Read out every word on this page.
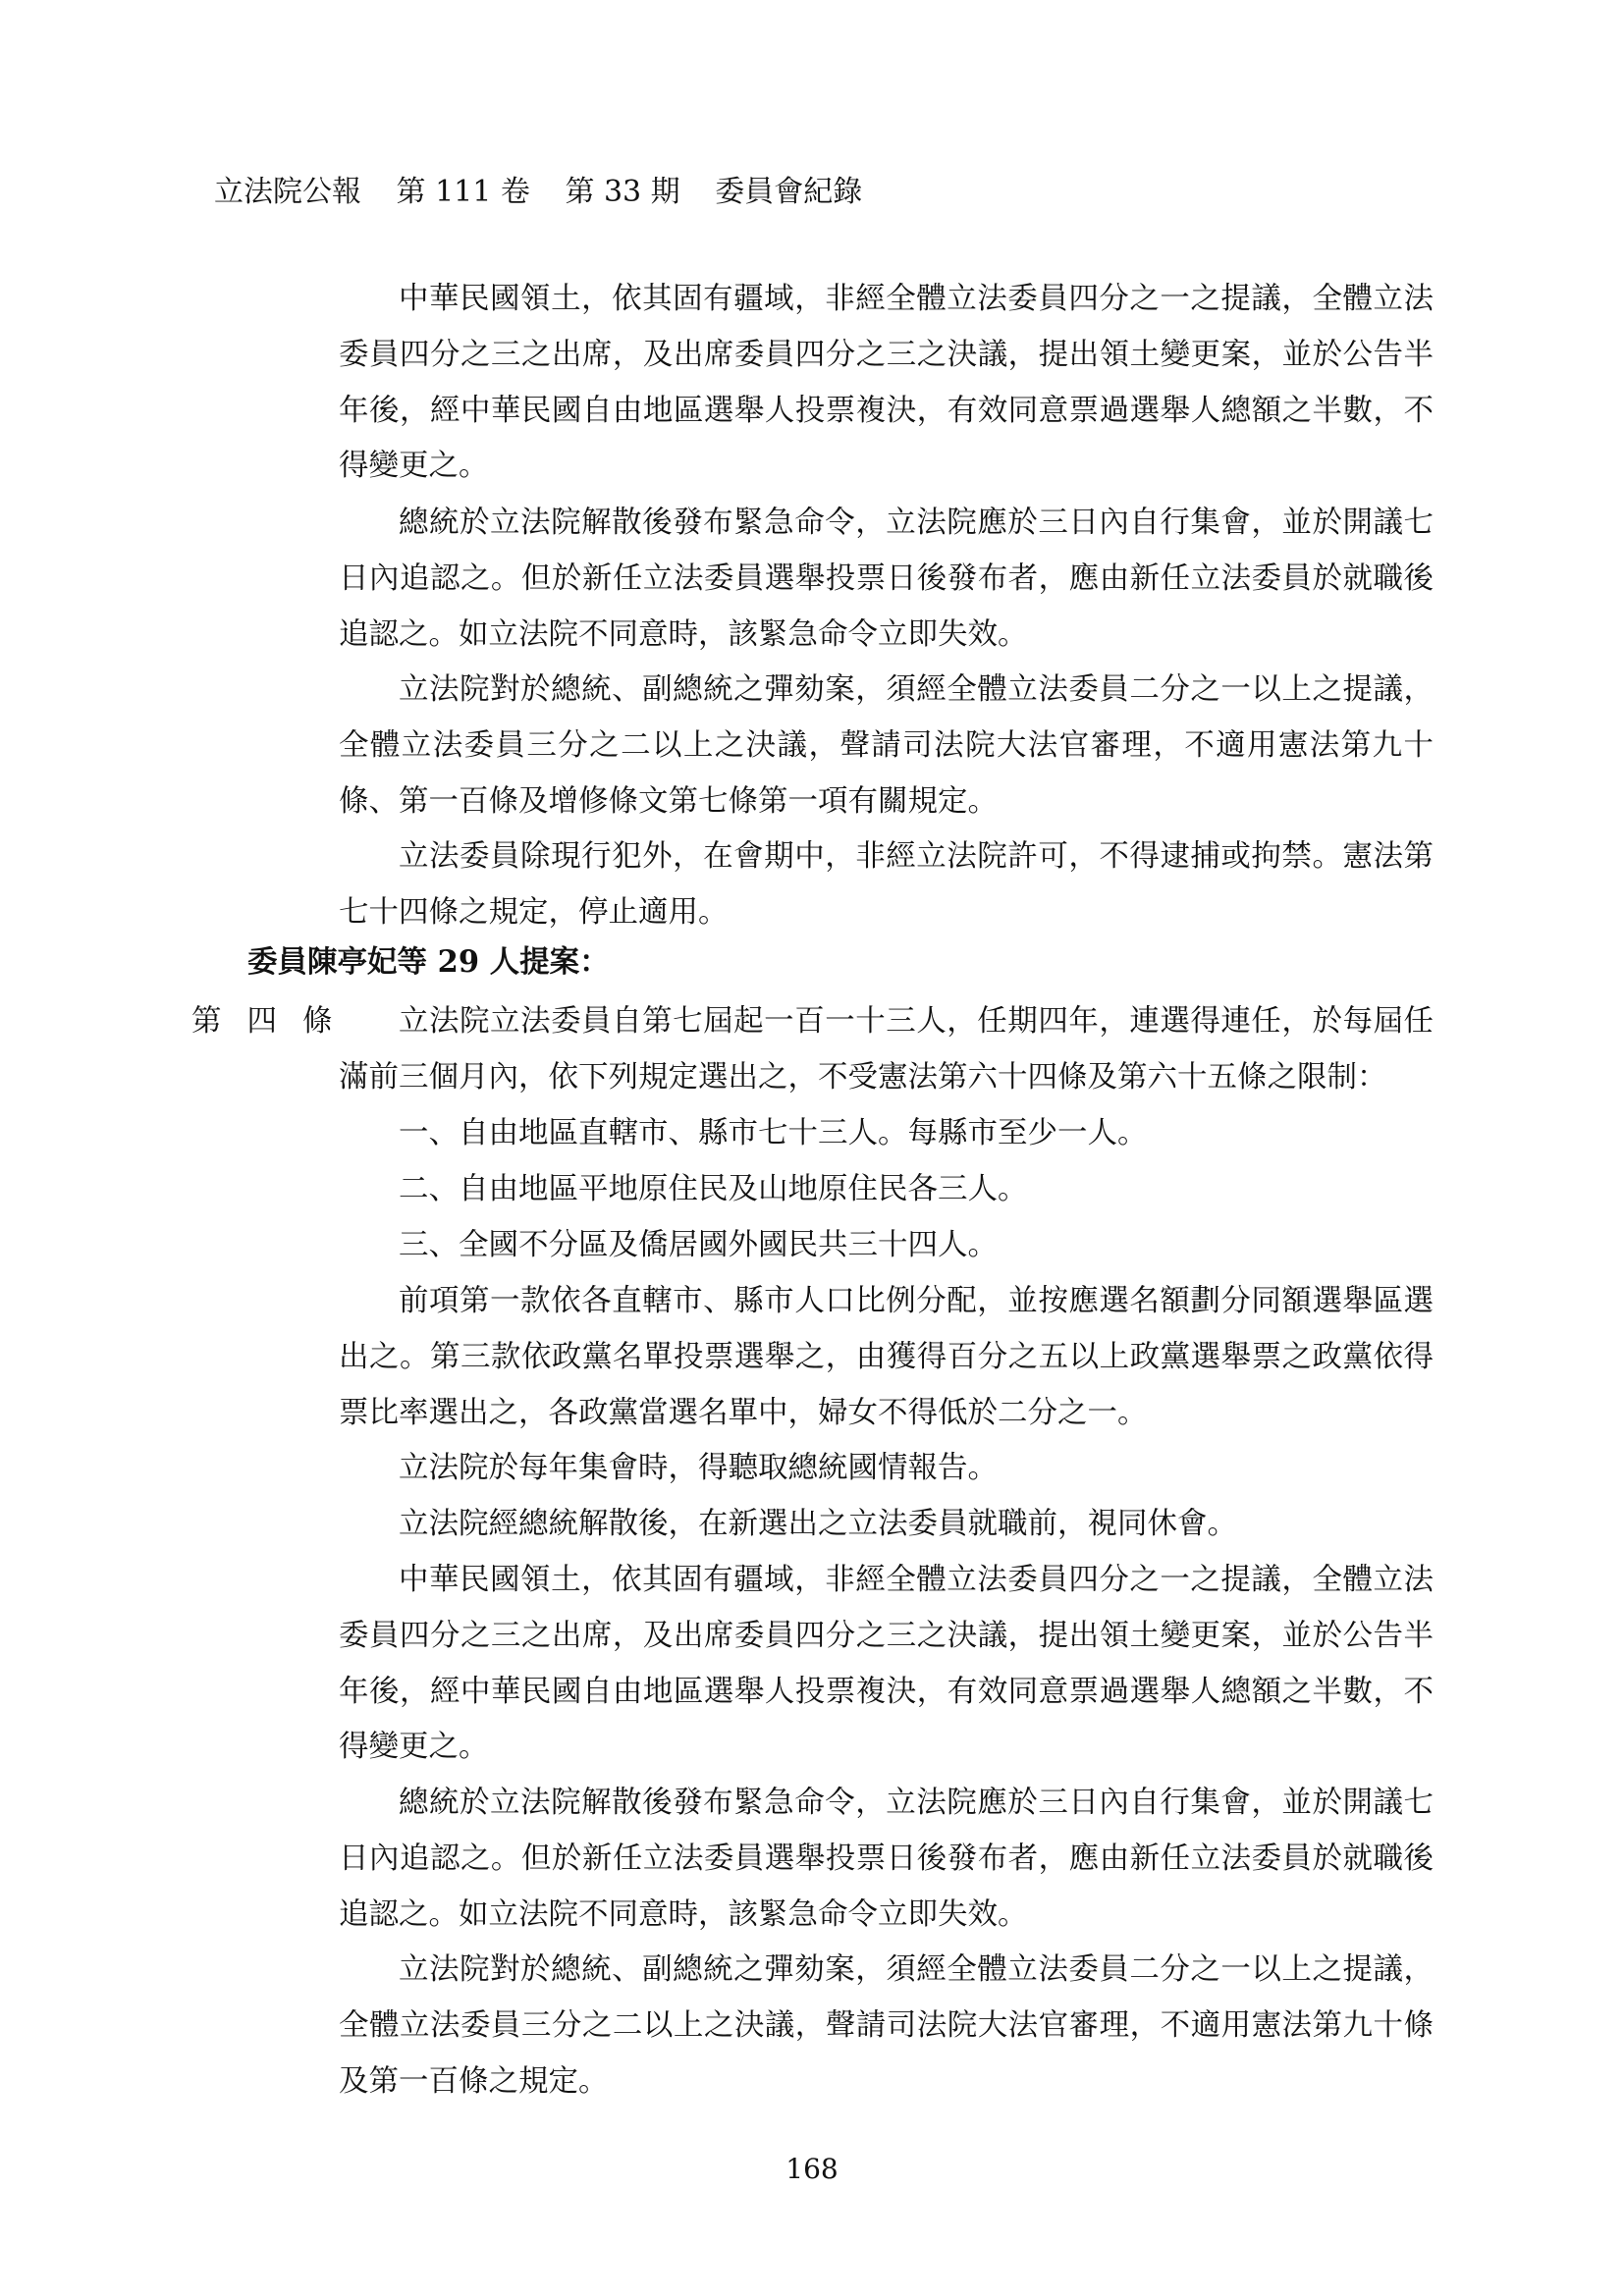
立法院公報 第 111 卷 第 33 期 委員會紀錄

中華民國領土，依其固有疆域，非經全體立法委員四分之一之提議，全體立法委員四分之三之出席，及出席委員四分之三之決議，提出領土變更案，並於公告半年後，經中華民國自由地區選舉人投票複決，有效同意票過選舉人總額之半數，不得變更之。

總統於立法院解散後發布緊急命令，立法院應於三日內自行集會，並於開議七日內追認之。但於新任立法委員選舉投票日後發布者，應由新任立法委員於就職後追認之。如立法院不同意時，該緊急命令立即失效。

立法院對於總統、副總統之彈劾案，須經全體立法委員二分之一以上之提議，全體立法委員三分之二以上之決議，聲請司法院大法官審理，不適用憲法第九十條、第一百條及增修條文第七條第一項有關規定。

立法委員除現行犯外，在會期中，非經立法院許可，不得逮捕或拘禁。憲法第七十四條之規定，停止適用。

委員陳亭妃等 29 人提案：
第四條	立法院立法委員自第七屆起一百一十三人，任期四年，連選得連任，於每屆任滿前三個月內，依下列規定選出之，不受憲法第六十四條及第六十五條之限制：

一、自由地區直轄市、縣市七十三人。每縣市至少一人。

二、自由地區平地原住民及山地原住民各三人。

三、全國不分區及僑居國外國民共三十四人。

前項第一款依各直轄市、縣市人口比例分配，並按應選名額劃分同額選舉區選出之。第三款依政黨名單投票選舉之，由獲得百分之五以上政黨選舉票之政黨依得票比率選出之，各政黨當選名單中，婦女不得低於二分之一。

立法院於每年集會時，得聽取總統國情報告。

立法院經總統解散後，在新選出之立法委員就職前，視同休會。

中華民國領土，依其固有疆域，非經全體立法委員四分之一之提議，全體立法委員四分之三之出席，及出席委員四分之三之決議，提出領土變更案，並於公告半年後，經中華民國自由地區選舉人投票複決，有效同意票過選舉人總額之半數，不得變更之。

總統於立法院解散後發布緊急命令，立法院應於三日內自行集會，並於開議七日內追認之。但於新任立法委員選舉投票日後發布者，應由新任立法委員於就職後追認之。如立法院不同意時，該緊急命令立即失效。

立法院對於總統、副總統之彈劾案，須經全體立法委員二分之一以上之提議，全體立法委員三分之二以上之決議，聲請司法院大法官審理，不適用憲法第九十條及第一百條之規定。

168
